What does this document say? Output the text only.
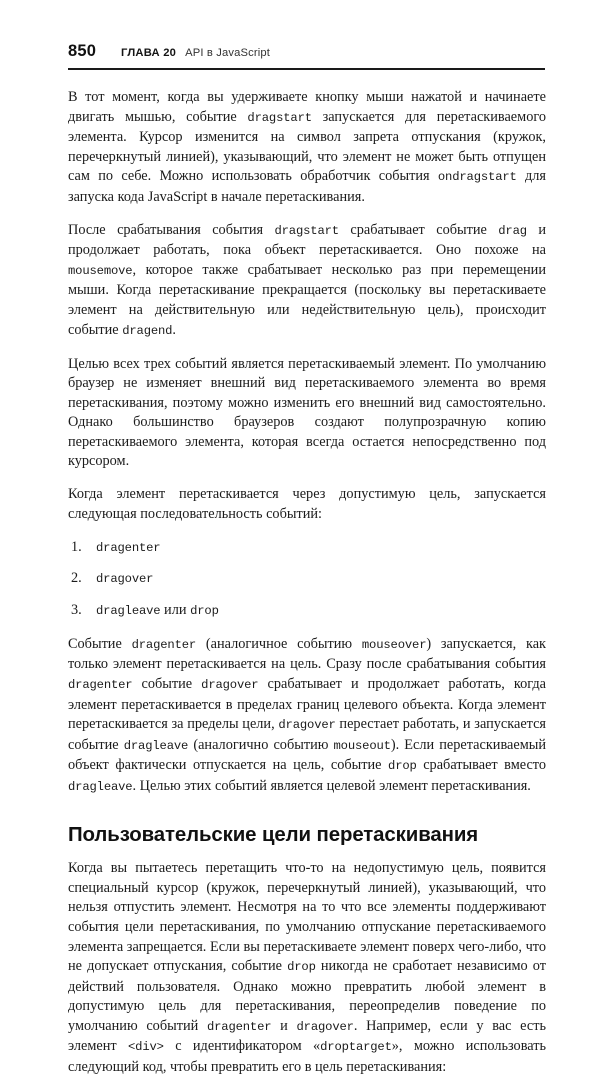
850	ГЛАВА 20 API в JavaScript

В тот момент, когда вы удерживаете кнопку мыши нажатой и начинаете двигать мышью, событие dragstart запускается для перетаскиваемого элемента. Курсор изменится на символ запрета отпускания (кружок, перечеркнутый линией), указывающий, что элемент не может быть отпущен сам по себе. Можно использовать обработчик события ondragstart для запуска кода JavaScript в начале перетаскивания.

После срабатывания события dragstart срабатывает событие drag и продолжает работать, пока объект перетаскивается. Оно похоже на mousemove, которое также срабатывает несколько раз при перемещении мыши. Когда перетаскивание прекращается (поскольку вы перетаскиваете элемент на действительную или недействительную цель), происходит событие dragend.

Целью всех трех событий является перетаскиваемый элемент. По умолчанию браузер не изменяет внешний вид перетаскиваемого элемента во время перетаскивания, поэтому можно изменить его внешний вид самостоятельно. Однако большинство браузеров создают полупрозрачную копию перетаскиваемого элемента, которая всегда остается непосредственно под курсором.

Когда элемент перетаскивается через допустимую цель, запускается следующая последовательность событий:

1. dragenter
2. dragover
3. dragleave или drop

Событие dragenter (аналогичное событию mouseover) запускается, как только элемент перетаскивается на цель. Сразу после срабатывания события dragenter событие dragover срабатывает и продолжает работать, когда элемент перетаскивается в пределах границ целевого объекта. Когда элемент перетаскивается за пределы цели, dragover перестает работать, и запускается событие dragleave (аналогично событию mouseout). Если перетаскиваемый объект фактически отпускается на цель, событие drop срабатывает вместо dragleave. Целью этих событий является целевой элемент перетаскивания.

Пользовательские цели перетаскивания

Когда вы пытаетесь перетащить что-то на недопустимую цель, появится специальный курсор (кружок, перечеркнутый линией), указывающий, что нельзя отпустить элемент. Несмотря на то что все элементы поддерживают события цели перетаскивания, по умолчанию отпускание перетаскиваемого элемента запрещается. Если вы перетаскиваете элемент поверх чего-либо, что не допускает отпускания, событие drop никогда не сработает независимо от действий пользователя. Однако можно превратить любой элемент в допустимую цель для перетаскивания, переопределив поведение по умолчанию событий dragenter и dragover. Например, если у вас есть элемент <div> с идентификатором «droptarget», можно использовать следующий код, чтобы превратить его в цель перетаскивания:
